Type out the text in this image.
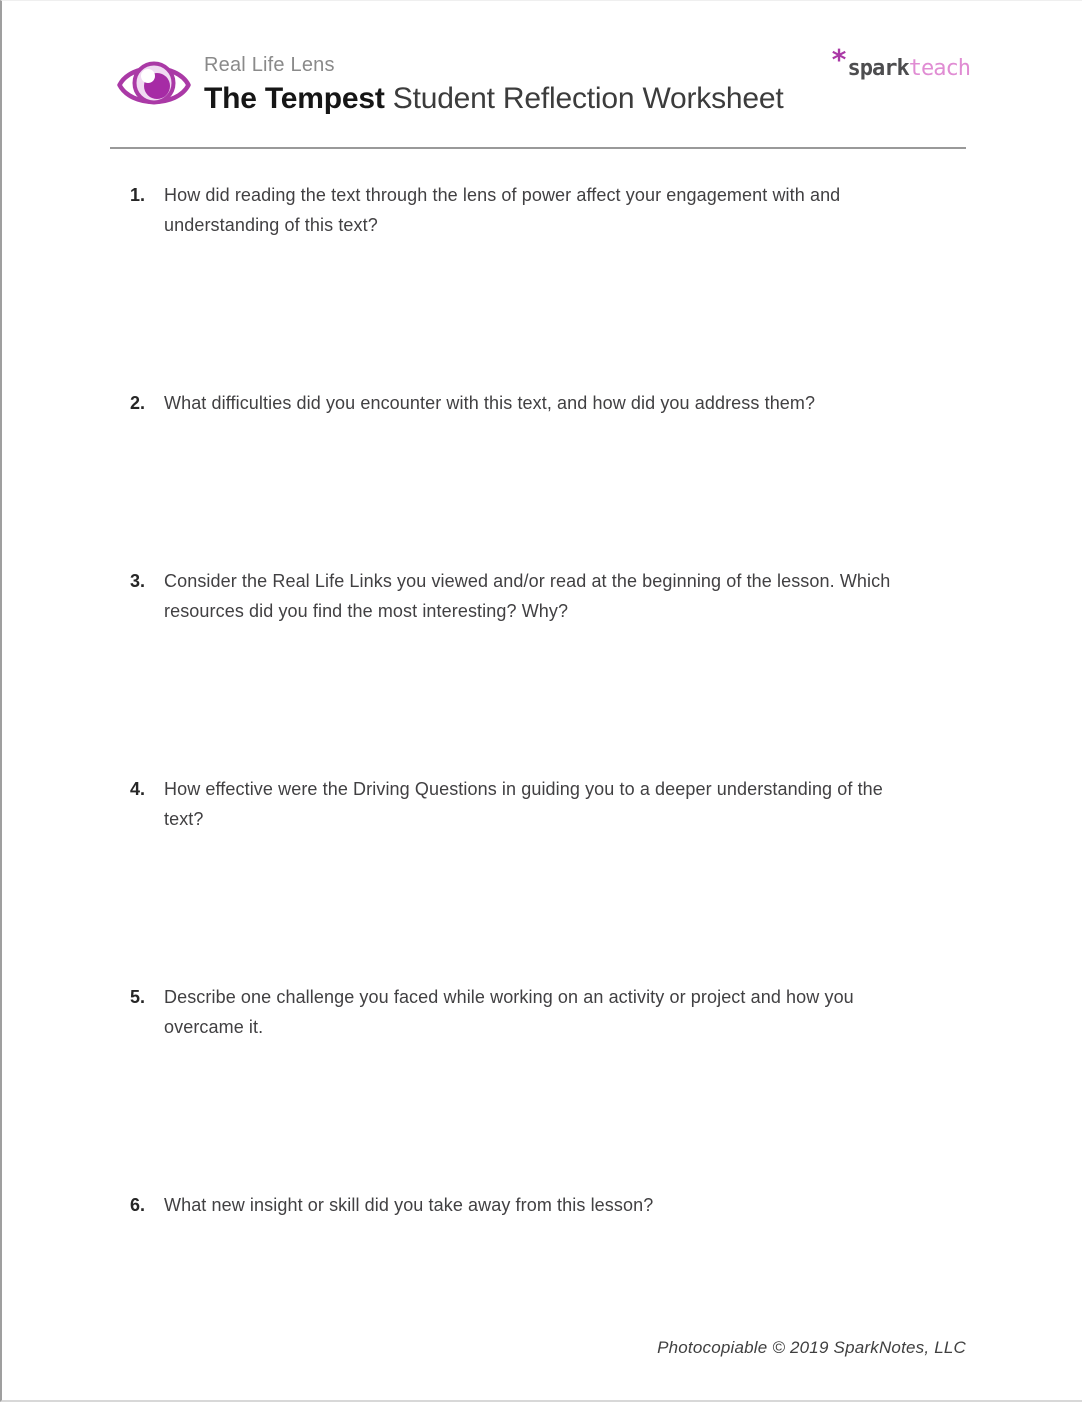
Real Life Lens
The Tempest Student Reflection Worksheet
*sparkteach
1.	How did reading the text through the lens of power affect your engagement with and understanding of this text?
2.	What difficulties did you encounter with this text, and how did you address them?
3.	Consider the Real Life Links you viewed and/or read at the beginning of the lesson. Which resources did you find the most interesting? Why?
4.	How effective were the Driving Questions in guiding you to a deeper understanding of the text?
5.	Describe one challenge you faced while working on an activity or project and how you overcame it.
6.	What new insight or skill did you take away from this lesson?
Photocopiable © 2019 SparkNotes, LLC
